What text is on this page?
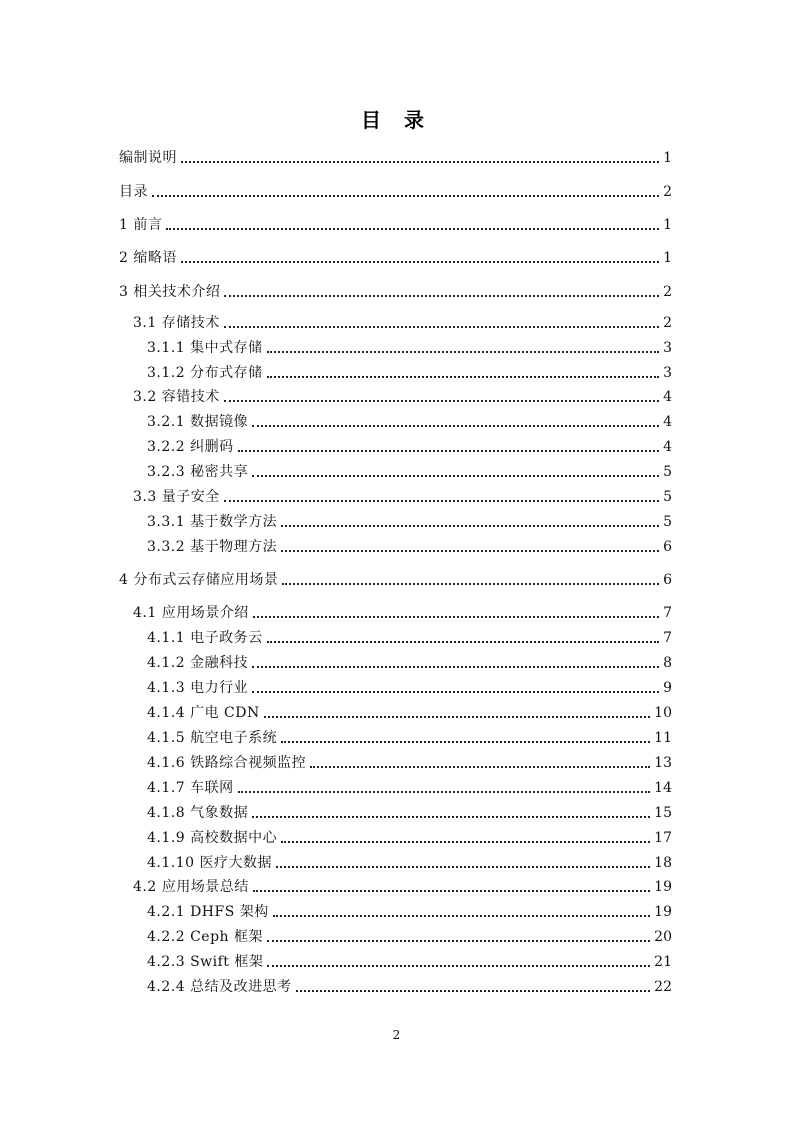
目 录
编制说明	1
目录	2
1 前言	1
2 缩略语	1
3 相关技术介绍	2
3.1 存储技术	2
3.1.1 集中式存储	3
3.1.2 分布式存储	3
3.2 容错技术	4
3.2.1 数据镜像	4
3.2.2 纠删码	4
3.2.3 秘密共享	5
3.3 量子安全	5
3.3.1 基于数学方法	5
3.3.2 基于物理方法	6
4 分布式云存储应用场景	6
4.1 应用场景介绍	7
4.1.1 电子政务云	7
4.1.2 金融科技	8
4.1.3 电力行业	9
4.1.4 广电 CDN	10
4.1.5 航空电子系统	11
4.1.6 铁路综合视频监控	13
4.1.7 车联网	14
4.1.8 气象数据	15
4.1.9 高校数据中心	17
4.1.10 医疗大数据	18
4.2 应用场景总结	19
4.2.1 DHFS 架构	19
4.2.2 Ceph 框架	20
4.2.3 Swift 框架	21
4.2.4 总结及改进思考	22
2
